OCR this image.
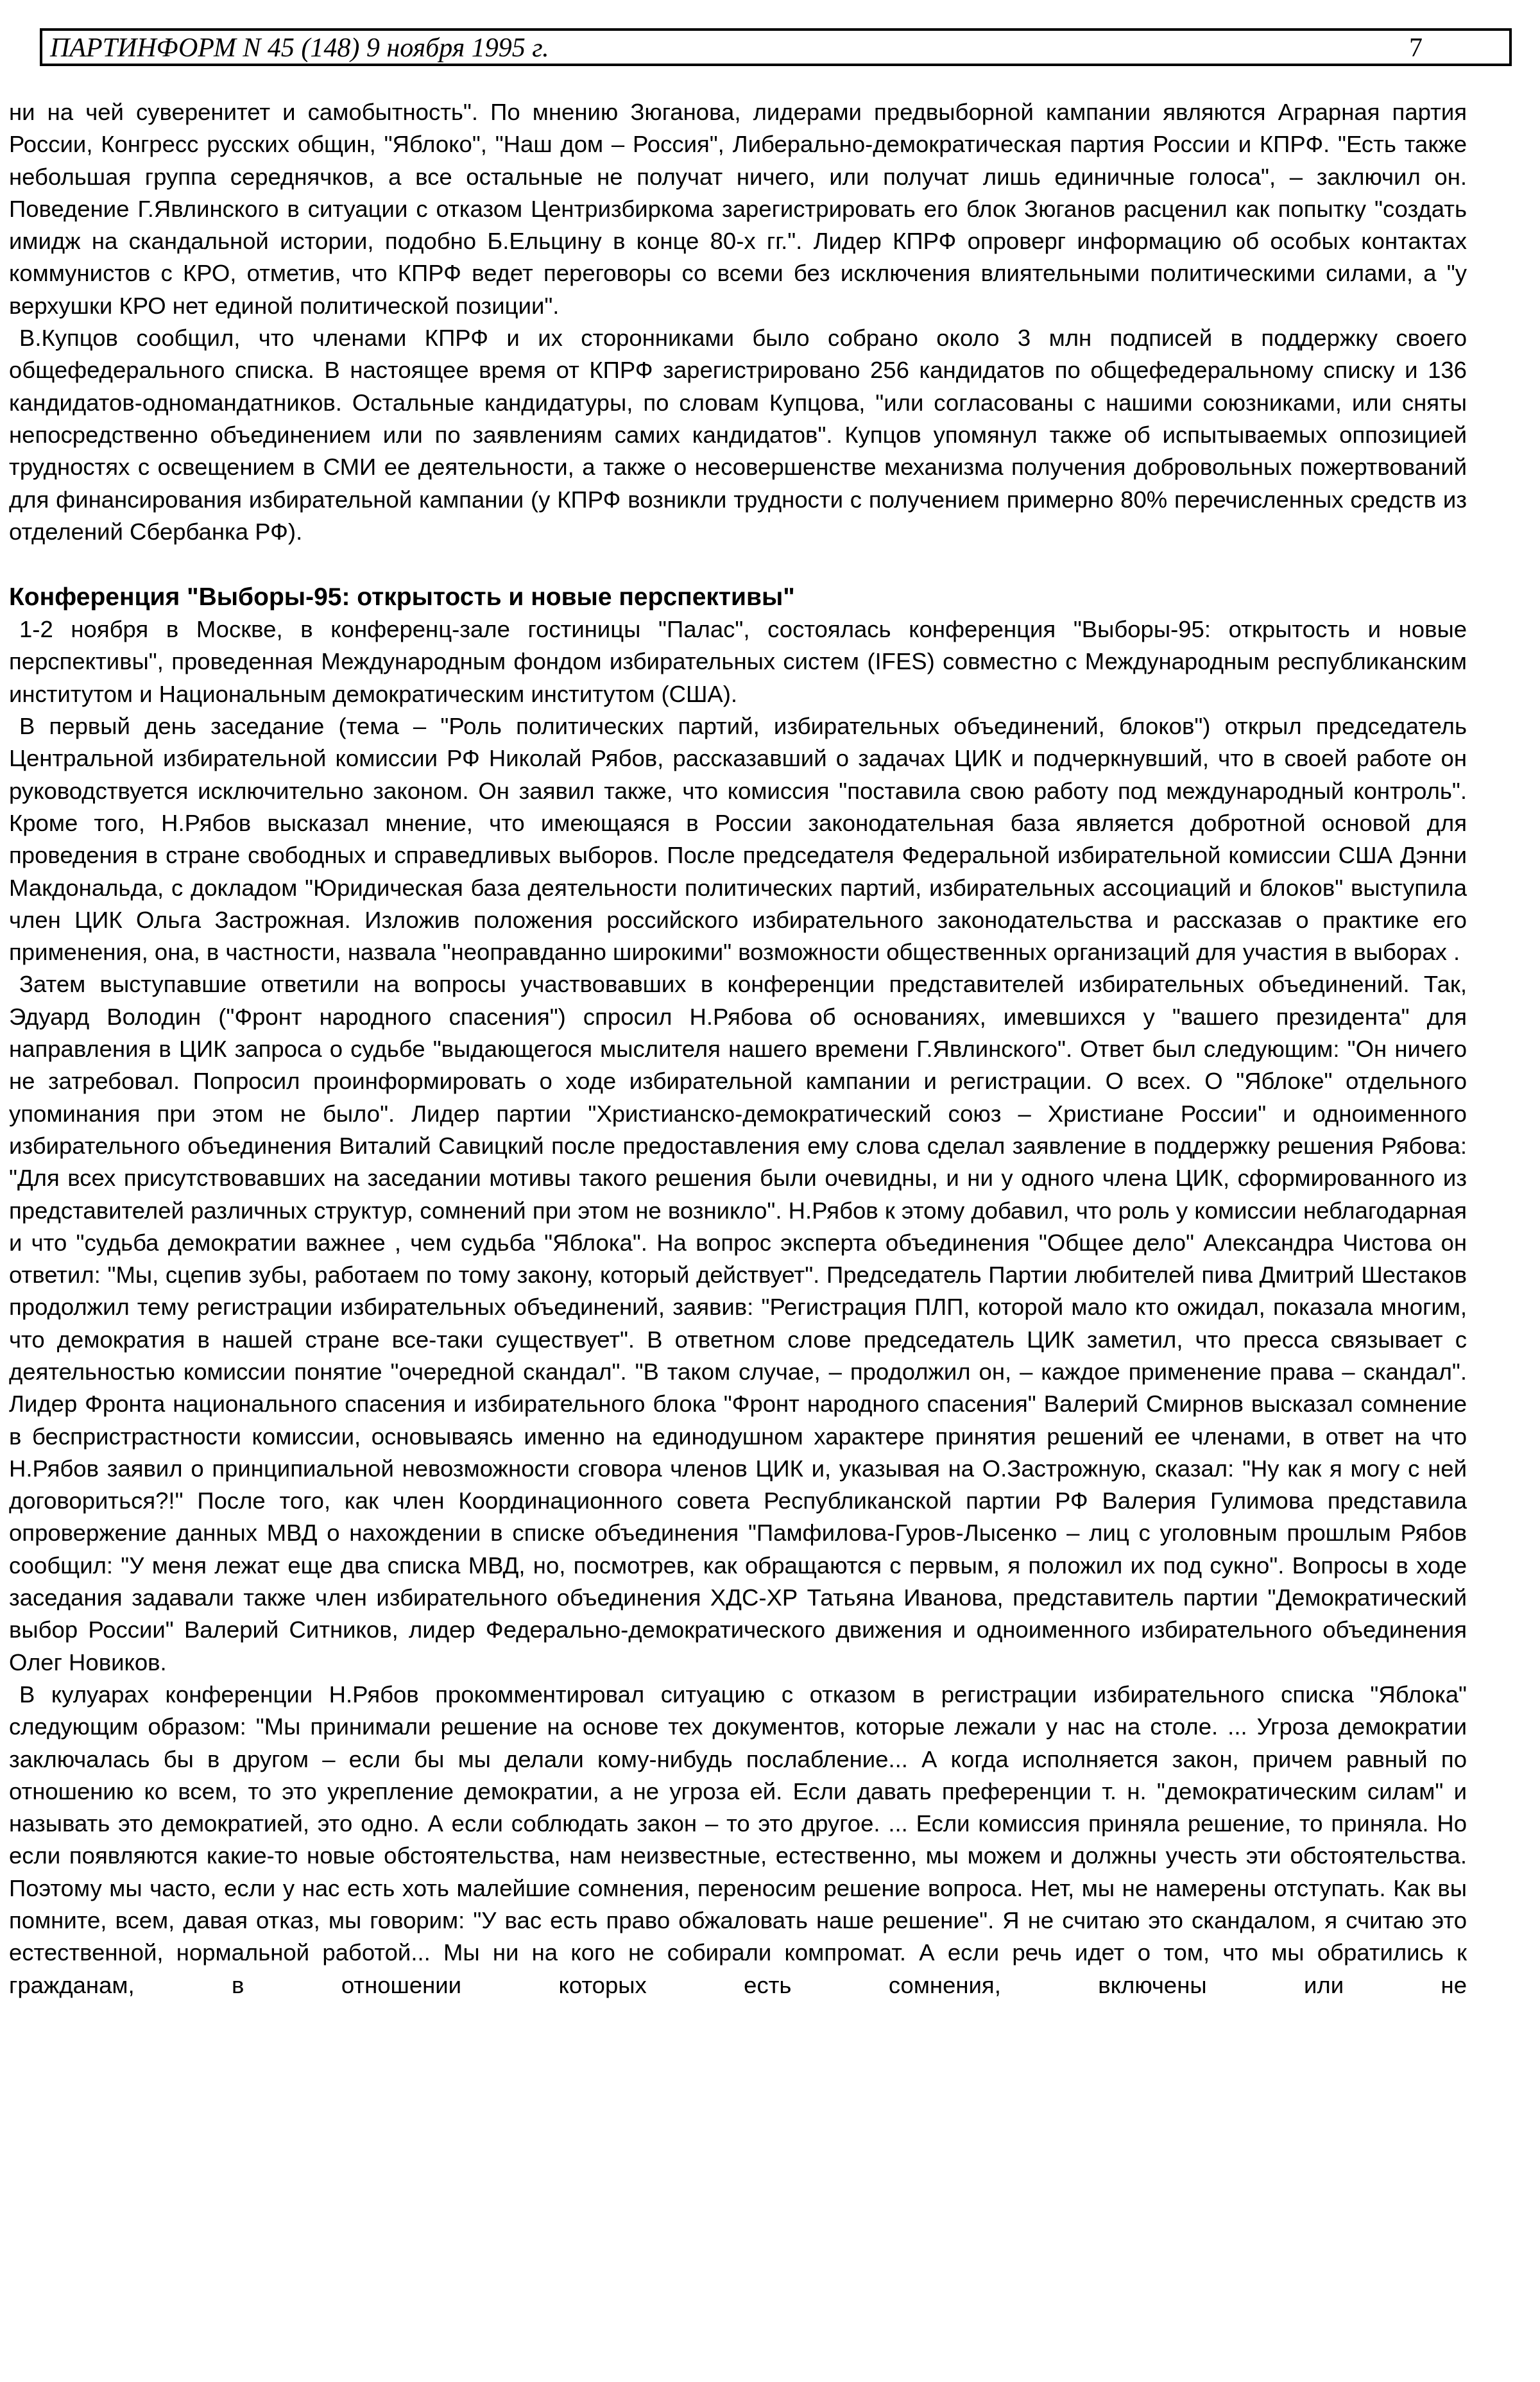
ПАРТИНФОРМ N 45 (148) 9 ноября 1995 г.	7

ни на чей суверенитет и самобытность". По мнению Зюганова, лидерами предвыборной кампании являются Аграрная партия России, Конгресс русских общин, "Яблоко", "Наш дом – Россия", Либерально-демократическая партия России и КПРФ. "Есть также небольшая группа середнячков, а все остальные не получат ничего, или получат лишь единичные голоса", – заключил он. Поведение Г.Явлинского в ситуации с отказом Центризбиркома зарегистрировать его блок Зюганов расценил как попытку "создать имидж на скандальной истории, подобно Б.Ельцину в конце 80-х гг.". Лидер КПРФ опроверг информацию об особых контактах коммунистов с КРО, отметив, что КПРФ ведет переговоры со всеми без исключения влиятельными политическими силами, а "у верхушки КРО нет единой политической позиции".

В.Купцов сообщил, что членами КПРФ и их сторонниками было собрано около 3 млн подписей в поддержку своего общефедерального списка. В настоящее время от КПРФ зарегистрировано 256 кандидатов по общефедеральному списку и 136 кандидатов-одномандатников. Остальные кандидатуры, по словам Купцова, "или согласованы с нашими союзниками, или сняты непосредственно объединением или по заявлениям самих кандидатов". Купцов упомянул также об испытываемых оппозицией трудностях с освещением в СМИ ее деятельности, а также о несовершенстве механизма получения добровольных пожертвований для финансирования избирательной кампании (у КПРФ возникли трудности с получением примерно 80% перечисленных средств из отделений Сбербанка РФ).

Конференция "Выборы-95: открытость и новые перспективы"

1-2 ноября в Москве, в конференц-зале гостиницы "Палас", состоялась конференция "Выборы-95: открытость и новые перспективы", проведенная Международным фондом избирательных систем (IFES) совместно с Международным республиканским институтом и Национальным демократическим институтом (США).

В первый день заседание (тема – "Роль политических партий, избирательных объединений, блоков") открыл председатель Центральной избирательной комиссии РФ Николай Рябов, рассказавший о задачах ЦИК и подчеркнувший, что в своей работе он руководствуется исключительно законом. Он заявил также, что комиссия "поставила свою работу под международный контроль". Кроме того, Н.Рябов высказал мнение, что имеющаяся в России законодательная база является добротной основой для проведения в стране свободных и справедливых выборов. После председателя Федеральной избирательной комиссии США Дэнни Макдональда, с докладом "Юридическая база деятельности политических партий, избирательных ассоциаций и блоков" выступила член ЦИК Ольга Застрожная. Изложив положения российского избирательного законодательства и рассказав о практике его применения, она, в частности, назвала "неоправданно широкими" возможности общественных организаций для участия в выборах .

Затем выступавшие ответили на вопросы участвовавших в конференции представителей избирательных объединений. Так, Эдуард Володин ("Фронт народного спасения") спросил Н.Рябова об основаниях, имевшихся у "вашего президента" для направления в ЦИК запроса о судьбе "выдающегося мыслителя нашего времени Г.Явлинского". Ответ был следующим: "Он ничего не затребовал. Попросил проинформировать о ходе избирательной кампании и регистрации. О всех. О "Яблоке" отдельного упоминания при этом не было". Лидер партии "Христианско-демократический союз – Христиане России" и одноименного избирательного объединения Виталий Савицкий после предоставления ему слова сделал заявление в поддержку решения Рябова: "Для всех присутствовавших на заседании мотивы такого решения были очевидны, и ни у одного члена ЦИК, сформированного из представителей различных структур, сомнений при этом не возникло". Н.Рябов к этому добавил, что роль у комиссии неблагодарная и что "судьба демократии важнее , чем судьба "Яблока". На вопрос эксперта объединения "Общее дело" Александра Чистова он ответил: "Мы, сцепив зубы, работаем по тому закону, который действует". Председатель Партии любителей пива Дмитрий Шестаков продолжил тему регистрации избирательных объединений, заявив: "Регистрация ПЛП, которой мало кто ожидал, показала многим, что демократия в нашей стране все-таки существует". В ответном слове председатель ЦИК заметил, что пресса связывает с деятельностью комиссии понятие "очередной скандал". "В таком случае, – продолжил он, – каждое применение права – скандал". Лидер Фронта национального спасения и избирательного блока "Фронт народного спасения" Валерий Смирнов высказал сомнение в беспристрастности комиссии, основываясь именно на единодушном характере принятия решений ее членами, в ответ на что Н.Рябов заявил о принципиальной невозможности сговора членов ЦИК и, указывая на О.Застрожную, сказал: "Ну как я могу с ней договориться?!" После того, как член Координационного совета Республиканской партии РФ Валерия Гулимова представила опровержение данных МВД о нахождении в списке объединения "Памфилова-Гуров-Лысенко – лиц с уголовным прошлым Рябов сообщил: "У меня лежат еще два списка МВД, но, посмотрев, как обращаются с первым, я положил их под сукно". Вопросы в ходе заседания задавали также член избирательного объединения ХДС-ХР Татьяна Иванова, представитель партии "Демократический выбор России" Валерий Ситников, лидер Федерально-демократического движения и одноименного избирательного объединения Олег Новиков.

В кулуарах конференции Н.Рябов прокомментировал ситуацию с отказом в регистрации избирательного списка "Яблока" следующим образом: "Мы принимали решение на основе тех документов, которые лежали у нас на столе. ... Угроза демократии заключалась бы в другом – если бы мы делали кому-нибудь послабление... А когда исполняется закон, причем равный по отношению ко всем, то это укрепление демократии, а не угроза ей. Если давать преференции т. н. "демократическим силам" и называть это демократией, это одно. А если соблюдать закон – то это другое. ... Если комиссия приняла решение, то приняла. Но если появляются какие-то новые обстоятельства, нам неизвестные, естественно, мы можем и должны учесть эти обстоятельства. Поэтому мы часто, если у нас есть хоть малейшие сомнения, переносим решение вопроса. Нет, мы не намерены отступать. Как вы помните, всем, давая отказ, мы говорим: "У вас есть право обжаловать наше решение". Я не считаю это скандалом, я считаю это естественной, нормальной работой... Мы ни на кого не собирали компромат. А если речь идет о том, что мы обратились к гражданам, в отношении которых есть сомнения, включены или не
